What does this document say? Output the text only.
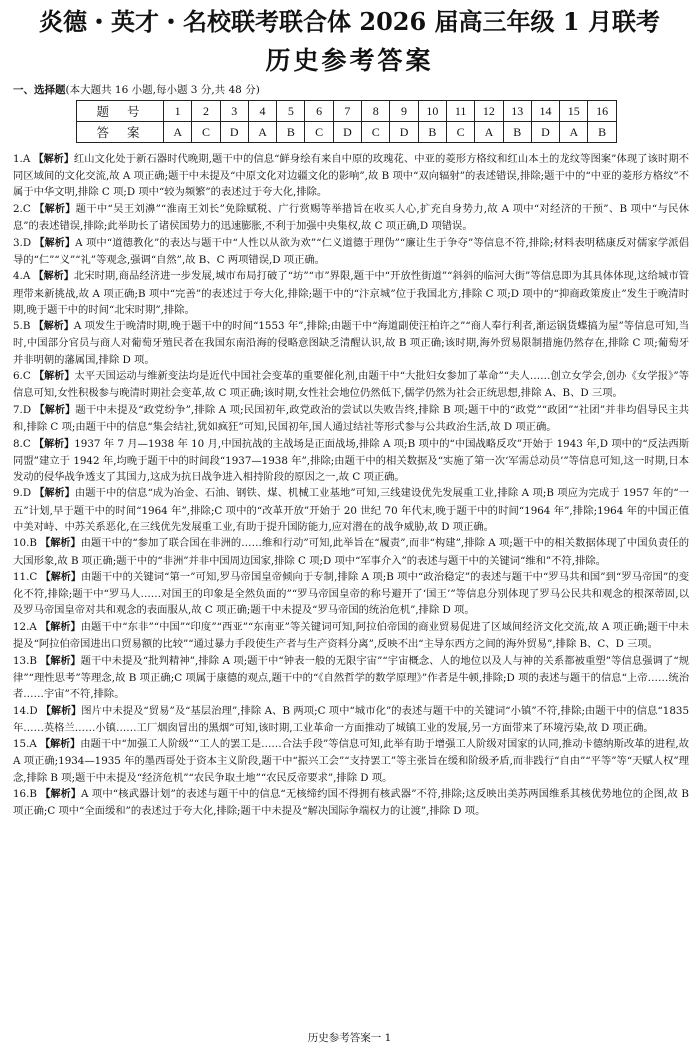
炎德・英才・名校联考联合体 2026 届高三年级 1 月联考
历史参考答案
一、选择题(本大题共 16 小题,每小题 3 分,共 48 分)
题号	1	2	3	4	5	6	7	8	9	10	11	12	13	14	15	16
答案	A	C	D	A	B	C	D	C	D	B	C	A	B	D	A	B
1.A 【解析】红山文化处于新石器时代晚期,题干中的信息“鲜身绘有来自中原的玫瑰花、中亚的菱形方格纹和红山本土的龙纹等图案”体现了该时期不同区域间的文化交流,故 A 项正确;题干中未提及“中原文化对边疆文化的影响”,故 B 项中“双向辐射”的表述错误,排除;题干中的“中亚的菱形方格纹”不属于中华文明,排除 C 项;D 项中“较为频繁”的表述过于夸大化,排除。
2.C 【解析】题干中“吴王刘濞”“淮南王刘长”免除赋税、广行赏赐等举措旨在收买人心,扩充自身势力,故 A 项中“对经济的干预”、B 项中“与民休息”的表述错误,排除;此举助长了诸侯国势力的迅速膨胀,不利于加强中央集权,故 C 项正确,D 项错误。
3.D 【解析】A 项中“道德教化”的表达与题干中“人性以从欲为欢”“仁义道德于理伪”“廉让生于争夺”等信息不符,排除;材料表明嵇康反对儒家学派倡导的“仁”“义”“礼”等观念,强调“自然”,故 B、C 两项错误,D 项正确。
4.A 【解析】北宋时期,商品经济进一步发展,城市布局打破了“坊”“市”界限,题干中“开放性街道”“斜斜的临河大街”等信息即为其具体体现,这给城市管理带来新挑战,故 A 项正确;B 项中“完善”的表述过于夸大化,排除;题干中的“汴京城”位于我国北方,排除 C 项;D 项中的“抑商政策废止”发生于晚清时期,晚于题干中的时间“北宋时期”,排除。
5.B 【解析】A 项发生于晚清时期,晚于题干中的时间“1553 年”,排除;由题干中“海道副使汪柏许之”“商人奉行利者,渐运锅货蝶搞为屋”等信息可知,当时,中国部分官员与商人对葡萄牙殖民者在我国东南沿海的侵略意图缺乏清醒认识,故 B 项正确;该时期,海外贸易限制措施仍然存在,排除 C 项;葡萄牙并非明朝的藩属国,排除 D 项。
6.C 【解析】太平天国运动与维新变法均是近代中国社会变革的重要催化剂,由题干中“大批妇女参加了革命”“夫人……创立女学会,创办《女学报》”等信息可知,女性积极参与晚清时期社会变革,故 C 项正确;该时期,女性社会地位仍然低下,儒学仍然为社会正统思想,排除 A、B、D 三项。
7.D 【解析】题干中未提及“政党纷争”,排除 A 项;民国初年,政党政治的尝试以失败告终,排除 B 项;题干中的“政党”“政团”“社团”并非均倡导民主共和,排除 C 项;由题干中的信息“集会结社,犹如疯狂”可知,民国初年,国人通过结社等形式参与公共政治生活,故 D 项正确。
8.C 【解析】1937 年 7 月—1938 年 10 月,中国抗战的主战场是正面战场,排除 A 项;B 项中的“中国战略反攻”开始于 1943 年,D 项中的“反法西斯同盟”建立于 1942 年,均晚于题干中的时间段“1937—1938 年”,排除;由题干中的相关数据及“实施了第一次‘军需总动员’”等信息可知,这一时期,日本发动的侵华战争透支了其国力,这成为抗日战争进入相持阶段的原因之一,故 C 项正确。
9.D 【解析】由题干中的信息“成为冶金、石油、钢铁、煤、机械工业基地”可知,三线建设优先发展重工业,排除 A 项;B 项应为完成于 1957 年的“一五”计划,早于题干中的时间“1964 年”,排除;C 项中的“改革开放”开始于 20 世纪 70 年代末,晚于题干中的时间“1964 年”,排除;1964 年的中国正值中美对峙、中苏关系恶化,在三线优先发展重工业,有助于提升国防能力,应对潜在的战争威胁,故 D 项正确。
10.B 【解析】由题干中的“参加了联合国在非洲的……维和行动”可知,此举旨在“履责”,而非“构建”,排除 A 项;题干中的相关数据体现了中国负责任的大国形象,故 B 项正确;题干中的“非洲”并非中国周边国家,排除 C 项;D 项中“军事介入”的表述与题干中的关键词“维和”不符,排除。
11.C 【解析】由题干中的关键词“第一”可知,罗马帝国皇帝倾向于专制,排除 A 项;B 项中“政治稳定”的表述与题干中“罗马共和国”到“罗马帝国”的变化不符,排除;题干中“罗马人……对国王的印象是全然负面的”“罗马帝国皇帝的称号避开了‘国王’”等信息分别体现了罗马公民共和观念的根深蒂固,以及罗马帝国皇帝对共和观念的表面服从,故 C 项正确;题干中未提及“罗马帝国的统治危机”,排除 D 项。
12.A 【解析】由题干中“东非”“中国”“印度”“西亚”“东南亚”等关键词可知,阿拉伯帝国的商业贸易促进了区域间经济文化交流,故 A 项正确;题干中未提及“阿拉伯帝国进出口贸易额的比较”“通过暴力手段使生产者与生产资料分离”,反映不出“主导东西方之间的海外贸易”,排除 B、C、D 三项。
13.B 【解析】题干中未提及“批判精神”,排除 A 项;题干中“钟表一般的无限宇宙”“宇宙概念、人的地位以及人与神的关系都被重塑”等信息强调了“规律”“理性思考”等理念,故 B 项正确;C 项属于康德的观点,题干中的“《自然哲学的数学原理》”作者是牛顿,排除;D 项的表述与题干的信息“上帝……统治者……宇宙”不符,排除。
14.D 【解析】图片中未提及“贸易”及“基层治理”,排除 A、B 两项;C 项中“城市化”的表述与题干中的关键词“小镇”不符,排除;由题干中的信息“1835 年……英格兰……小镇……工厂烟囱冒出的黑烟”可知,该时期,工业革命一方面推动了城镇工业的发展,另一方面带来了环境污染,故 D 项正确。
15.A 【解析】由题干中“加强工人阶级”“工人的罢工是……合法手段”等信息可知,此举有助于增强工人阶级对国家的认同,推动卡德纳斯改革的进程,故 A 项正确;1934—1935 年的墨西哥处于资本主义阶段,题干中“振兴工会”“支持罢工”等主张旨在缓和阶级矛盾,而非践行“自由”“平等”等“天赋人权”理念,排除 B 项;题干中未提及“经济危机”“农民争取土地”“农民反帝要求”,排除 D 项。
16.B 【解析】A 项中“核武器计划”的表述与题干中的信息“无核缔约国不得拥有核武器”不符,排除;这反映出美苏两国维系其核优势地位的企图,故 B 项正确;C 项中“全面缓和”的表述过于夸大化,排除;题干中未提及“解决国际争端权力的让渡”,排除 D 项。
历史参考答案一 1
